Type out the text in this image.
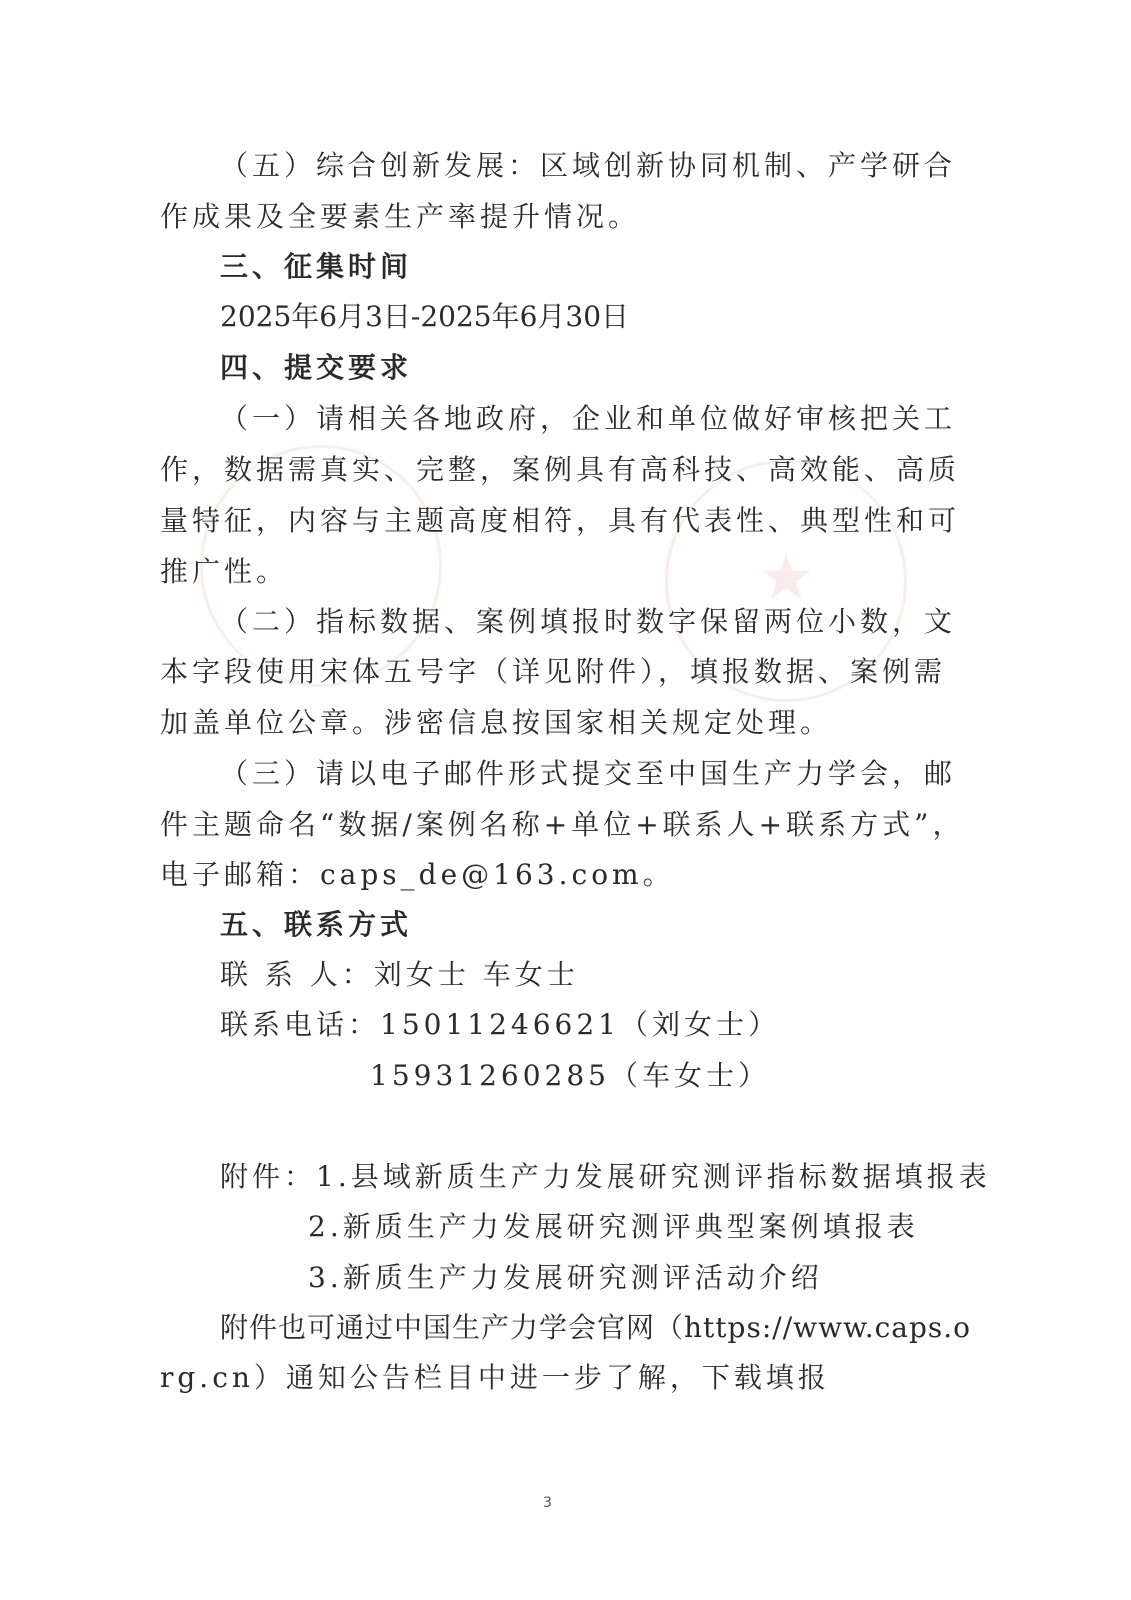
★
（五）综合创新发展：区域创新协同机制、产学研合
作成果及全要素生产率提升情况。
三、征集时间
2025年6月3日-2025年6月30日
四、提交要求
（一）请相关各地政府，企业和单位做好审核把关工
作，数据需真实、完整，案例具有高科技、高效能、高质
量特征，内容与主题高度相符，具有代表性、典型性和可
推广性。
（二）指标数据、案例填报时数字保留两位小数，文
本字段使用宋体五号字（详见附件），填报数据、案例需
加盖单位公章。涉密信息按国家相关规定处理。
（三）请以电子邮件形式提交至中国生产力学会，邮
件主题命名“数据/案例名称+单位+联系人+联系方式”，
电子邮箱：caps_de@163.com。
五、联系方式
联 系 人：刘女士 车女士
联系电话：15011246621（刘女士）
15931260285（车女士）
附件：1.县域新质生产力发展研究测评指标数据填报表
2.新质生产力发展研究测评典型案例填报表
3.新质生产力发展研究测评活动介绍
附件也可通过中国生产力学会官网（https://www.caps.o
rg.cn）通知公告栏目中进一步了解，下载填报
3
